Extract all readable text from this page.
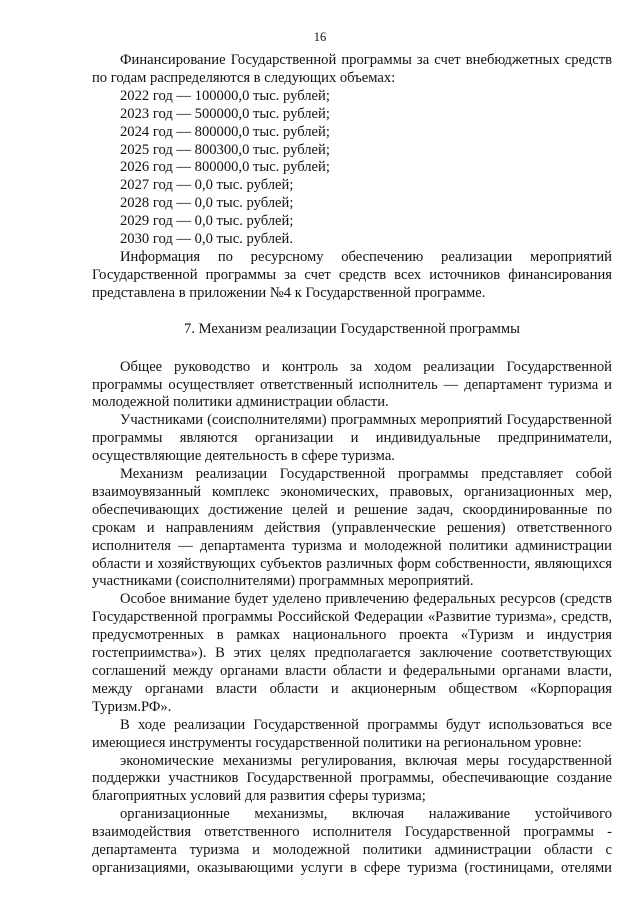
16

Финансирование Государственной программы за счет внебюджетных средств по годам распределяются в следующих объемах:

2022 год — 100000,0 тыс. рублей;
2023 год — 500000,0 тыс. рублей;
2024 год — 800000,0 тыс. рублей;
2025 год — 800300,0 тыс. рублей;
2026 год — 800000,0 тыс. рублей;
2027 год — 0,0 тыс. рублей;
2028 год — 0,0 тыс. рублей;
2029 год — 0,0 тыс. рублей;
2030 год — 0,0 тыс. рублей.

Информация по ресурсному обеспечению реализации мероприятий Государственной программы за счет средств всех источников финансирования представлена в приложении №4 к Государственной программе.

7. Механизм реализации Государственной программы

Общее руководство и контроль за ходом реализации Государственной программы осуществляет ответственный исполнитель — департамент туризма и молодежной политики администрации области.

Участниками (соисполнителями) программных мероприятий Государственной программы являются организации и индивидуальные предприниматели, осуществляющие деятельность в сфере туризма.

Механизм реализации Государственной программы представляет собой взаимоувязанный комплекс экономических, правовых, организационных мер, обеспечивающих достижение целей и решение задач, скоординированные по срокам и направлениям действия (управленческие решения) ответственного исполнителя — департамента туризма и молодежной политики администрации области и хозяйствующих субъектов различных форм собственности, являющихся участниками (соисполнителями) программных мероприятий.

Особое внимание будет уделено привлечению федеральных ресурсов (средств Государственной программы Российской Федерации «Развитие туризма», средств, предусмотренных в рамках национального проекта «Туризм и индустрия гостеприимства»). В этих целях предполагается заключение соответствующих соглашений между органами власти области и федеральными органами власти, между органами власти области и акционерным обществом «Корпорация Туризм.РФ».

В ходе реализации Государственной программы будут использоваться все имеющиеся инструменты государственной политики на региональном уровне:

экономические механизмы регулирования, включая меры государственной поддержки участников Государственной программы, обеспечивающие создание благоприятных условий для развития сферы туризма;

организационные механизмы, включая налаживание устойчивого взаимодействия ответственного исполнителя Государственной программы - департамента туризма и молодежной политики администрации области с организациями, оказывающими услуги в сфере туризма (гостиницами, отелями
